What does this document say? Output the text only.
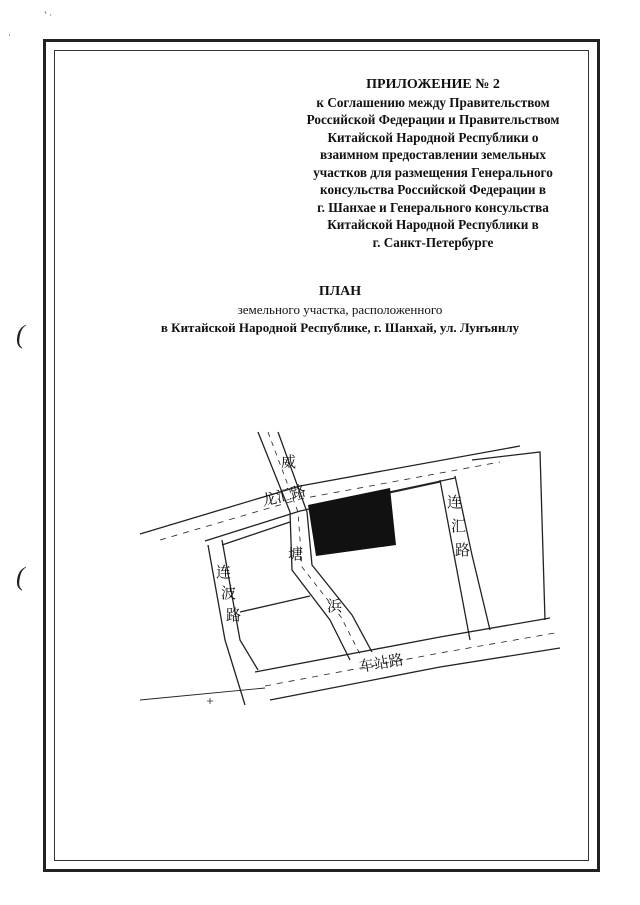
·
ʽ ·
ПРИЛОЖЕНИЕ № 2
к Соглашению между Правительством
Российской Федерации и Правительством
Китайской Народной Республики о
взаимном предоставлении земельных
участков для размещения Генерального
консульства Российской Федерации в
г. Шанхае и Генерального консульства
Китайской Народной Республики в
г. Санкт-Петербурге
ПЛАН
земельного участка, расположенного
в Китайской Народной Республике, г. Шанхай, ул. Лунъянлу
(
(
威
龙汇路
塘
浜
车站路
连
波
路
连
汇
路
